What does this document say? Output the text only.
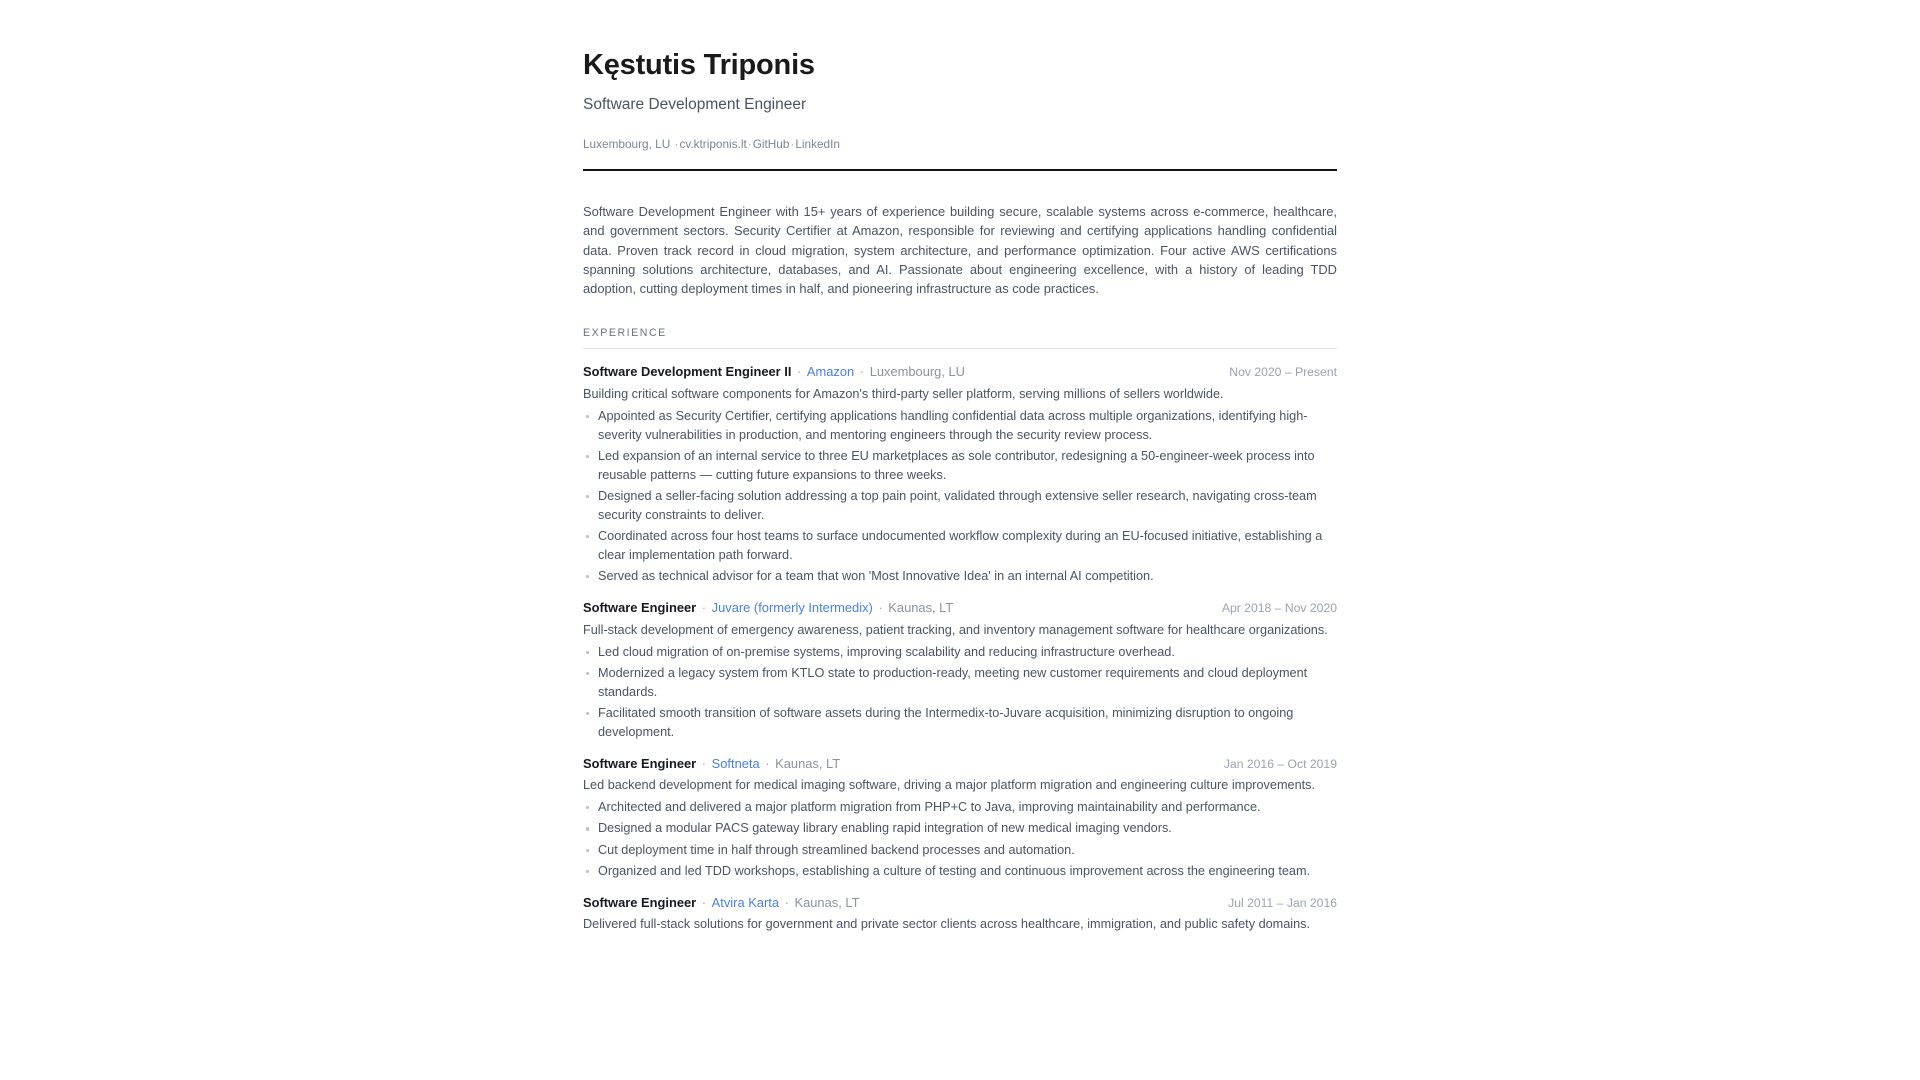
Kęstutis Triponis
Software Development Engineer
Luxembourg, LU ·cv.ktriponis.lt·GitHub·LinkedIn
Software Development Engineer with 15+ years of experience building secure, scalable systems across e-commerce, healthcare, and government sectors. Security Certifier at Amazon, responsible for reviewing and certifying applications handling confidential data. Proven track record in cloud migration, system architecture, and performance optimization. Four active AWS certifications spanning solutions architecture, databases, and AI. Passionate about engineering excellence, with a history of leading TDD adoption, cutting deployment times in half, and pioneering infrastructure as code practices.
EXPERIENCE
Software Development Engineer II · Amazon · Luxembourg, LU	Nov 2020 – Present

Building critical software components for Amazon's third-party seller platform, serving millions of sellers worldwide.

Appointed as Security Certifier, certifying applications handling confidential data across multiple organizations, identifying high-severity vulnerabilities in production, and mentoring engineers through the security review process.
Led expansion of an internal service to three EU marketplaces as sole contributor, redesigning a 50-engineer-week process into reusable patterns — cutting future expansions to three weeks.
Designed a seller-facing solution addressing a top pain point, validated through extensive seller research, navigating cross-team security constraints to deliver.
Coordinated across four host teams to surface undocumented workflow complexity during an EU-focused initiative, establishing a clear implementation path forward.
Served as technical advisor for a team that won 'Most Innovative Idea' in an internal AI competition.
Software Engineer · Juvare (formerly Intermedix) · Kaunas, LT	Apr 2018 – Nov 2020

Full-stack development of emergency awareness, patient tracking, and inventory management software for healthcare organizations.

Led cloud migration of on-premise systems, improving scalability and reducing infrastructure overhead.
Modernized a legacy system from KTLO state to production-ready, meeting new customer requirements and cloud deployment standards.
Facilitated smooth transition of software assets during the Intermedix-to-Juvare acquisition, minimizing disruption to ongoing development.
Software Engineer · Softneta · Kaunas, LT	Jan 2016 – Oct 2019

Led backend development for medical imaging software, driving a major platform migration and engineering culture improvements.

Architected and delivered a major platform migration from PHP+C to Java, improving maintainability and performance.
Designed a modular PACS gateway library enabling rapid integration of new medical imaging vendors.
Cut deployment time in half through streamlined backend processes and automation.
Organized and led TDD workshops, establishing a culture of testing and continuous improvement across the engineering team.
Software Engineer · Atvira Karta · Kaunas, LT	Jul 2011 – Jan 2016

Delivered full-stack solutions for government and private sector clients across healthcare, immigration, and public safety domains.
